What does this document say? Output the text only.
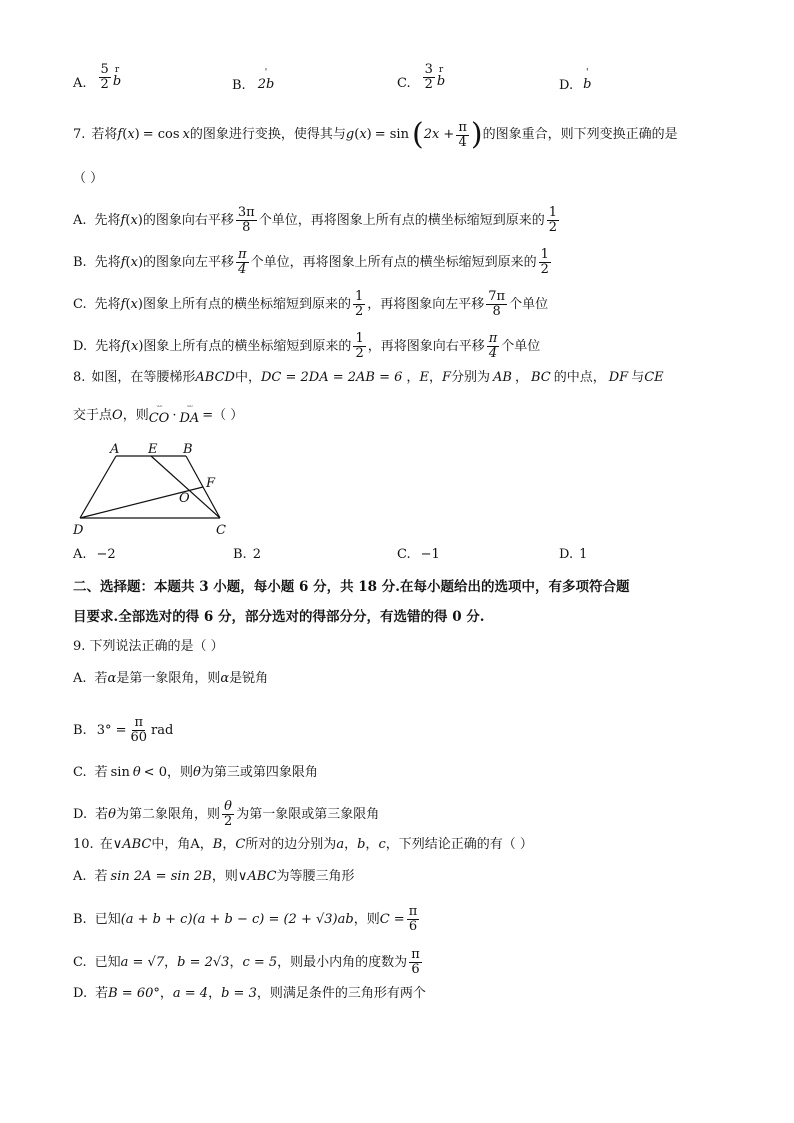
A. $\frac{5}{2}$ r
b	B.
'
2b	C. $\frac{3}{2}$ r
b	D.
'
b
7. 若将 f ( x ) = cos x 的图象进行变换，使得其与 g ( x ) = sin ( $2x + \frac{\pi}{4}$ ) 的图象重合，则下列变换正确的是
（ ）
A. 先将 f ( x ) 的图象向右平移 $\frac{3\pi}{8}$ 个单位，再将图象上所有点的横坐标缩短到原来的 $\frac{1}{2}$
B. 先将 f ( x ) 的图象向左平移 $\frac{\pi}{4}$ 个单位，再将图象上所有点的横坐标缩短到原来的 $\frac{1}{2}$
C. 先将 f ( x ) 图象上所有点的横坐标缩短到原来的 $\frac{1}{2}$ ，再将图象向左平移 $\frac{7\pi}{8}$ 个单位
D. 先将 f ( x ) 图象上所有点的横坐标缩短到原来的 $\frac{1}{2}$ ，再将图象向右平移 $\frac{\pi}{4}$ 个单位
8. 如图，在等腰梯形 ABCD 中， DC = 2DA = 2AB = 6 ， E ， F 分别为 AB ， BC 的中点， DF 与 CE
交于点 O ，则
ᵕᵕᵕ
CO ·
ᵕᵕᵕ
DA =（ ）
A E B
F
O
D	C
A. −2	B. 2	C. −1	D. 1
二、选择题：本题共 3 小题，每小题 6 分，共 18 分.在每小题给出的选项中，有多项符合题
目要求.全部选对的得 6 分，部分选对的得部分分，有选错的得 0 分.
9. 下列说法正确的是（ ）
A. 若 α 是第一象限角，则 α 是锐角
B. $3^\circ = \frac{\pi}{60}$ rad
C. 若 sin θ < 0 ，则 θ 为第三或第四象限角
D. 若 θ 为第二象限角，则 $\frac{\theta}{2}$ 为第一象限或第三象限角
10. 在∨ ABC 中，角 A ， B ， C 所对的边分别为 a ， b ， c ，下列结论正确的有（ ）
A. 若 sin 2A = sin 2B ，则∨ ABC 为等腰三角形
B. 已知 (a + b + c)(a + b − c) = (2 + √3)ab ，则 $C = \frac{\pi}{6}$
C. 已知 a = √7 ， b = 2√3 ， c = 5 ，则最小内角的度数为 $\frac{\pi}{6}$
D. 若 B = 60° ， a = 4 ， b = 3 ，则满足条件的三角形有两个
